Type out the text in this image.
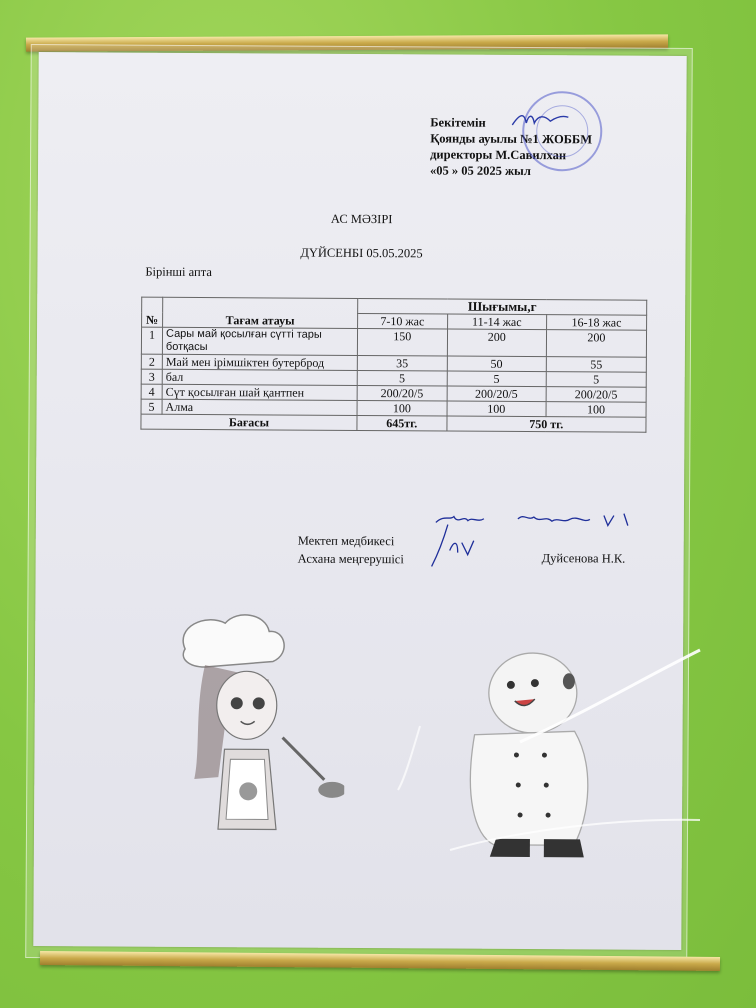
Бекітемін
Қоянды ауылы №1 ЖОББМ
директоры М.Савилхан
«05 » 05 2025 жыл
АС МӘЗІРІ
ДҮЙСЕНБІ 05.05.2025
Бірінші апта
№	Тағам атауы	Шығымы,г		
		7-10 жас	11-14 жас	16-18 жас
1	Сары май қосылған сүтті тары ботқасы	150	200	200
2	Май мен ірімшіктен бутерброд	35	50	55
3	бал	5	5	5
4	Сүт қосылған шай қантпен	200/20/5	200/20/5	200/20/5
5	Алма	100	100	100
Бағасы		645тг.	750 тг.	
Мектеп медбикесі
Асхана меңгерушісі	Дуйсенова Н.К.
